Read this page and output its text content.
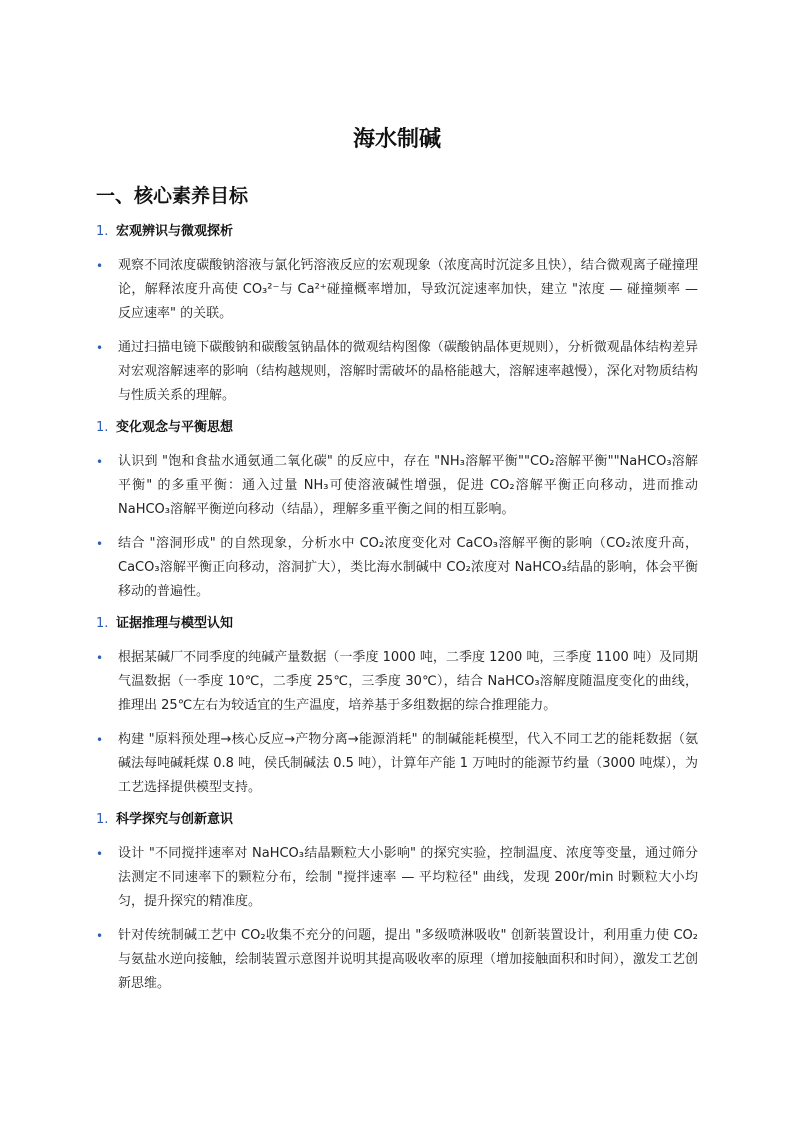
海水制碱
一、核心素养目标
1. 宏观辨识与微观探析
•	观察不同浓度碳酸钠溶液与氯化钙溶液反应的宏观现象（浓度高时沉淀多且快），结合微观离子碰撞理论，解释浓度升高使 CO₃²⁻与 Ca²⁺碰撞概率增加，导致沉淀速率加快，建立 "浓度 — 碰撞频率 — 反应速率" 的关联。
•	通过扫描电镜下碳酸钠和碳酸氢钠晶体的微观结构图像（碳酸钠晶体更规则），分析微观晶体结构差异对宏观溶解速率的影响（结构越规则，溶解时需破坏的晶格能越大，溶解速率越慢），深化对物质结构与性质关系的理解。
1. 变化观念与平衡思想
•	认识到 "饱和食盐水通氨通二氧化碳" 的反应中，存在 "NH₃溶解平衡""CO₂溶解平衡""NaHCO₃溶解平衡" 的多重平衡：通入过量 NH₃可使溶液碱性增强，促进 CO₂溶解平衡正向移动，进而推动 NaHCO₃溶解平衡逆向移动（结晶），理解多重平衡之间的相互影响。
•	结合 "溶洞形成" 的自然现象，分析水中 CO₂浓度变化对 CaCO₃溶解平衡的影响（CO₂浓度升高，CaCO₃溶解平衡正向移动，溶洞扩大），类比海水制碱中 CO₂浓度对 NaHCO₃结晶的影响，体会平衡移动的普遍性。
1. 证据推理与模型认知
•	根据某碱厂不同季度的纯碱产量数据（一季度 1000 吨，二季度 1200 吨，三季度 1100 吨）及同期气温数据（一季度 10℃，二季度 25℃，三季度 30℃），结合 NaHCO₃溶解度随温度变化的曲线，推理出 25℃左右为较适宜的生产温度，培养基于多组数据的综合推理能力。
•	构建 "原料预处理→核心反应→产物分离→能源消耗" 的制碱能耗模型，代入不同工艺的能耗数据（氨碱法每吨碱耗煤 0.8 吨，侯氏制碱法 0.5 吨），计算年产能 1 万吨时的能源节约量（3000 吨煤），为工艺选择提供模型支持。
1. 科学探究与创新意识
•	设计 "不同搅拌速率对 NaHCO₃结晶颗粒大小影响" 的探究实验，控制温度、浓度等变量，通过筛分法测定不同速率下的颗粒分布，绘制 "搅拌速率 — 平均粒径" 曲线，发现 200r/min 时颗粒大小均匀，提升探究的精准度。
•	针对传统制碱工艺中 CO₂收集不充分的问题，提出 "多级喷淋吸收" 创新装置设计，利用重力使 CO₂与氨盐水逆向接触，绘制装置示意图并说明其提高吸收率的原理（增加接触面积和时间），激发工艺创新思维。
